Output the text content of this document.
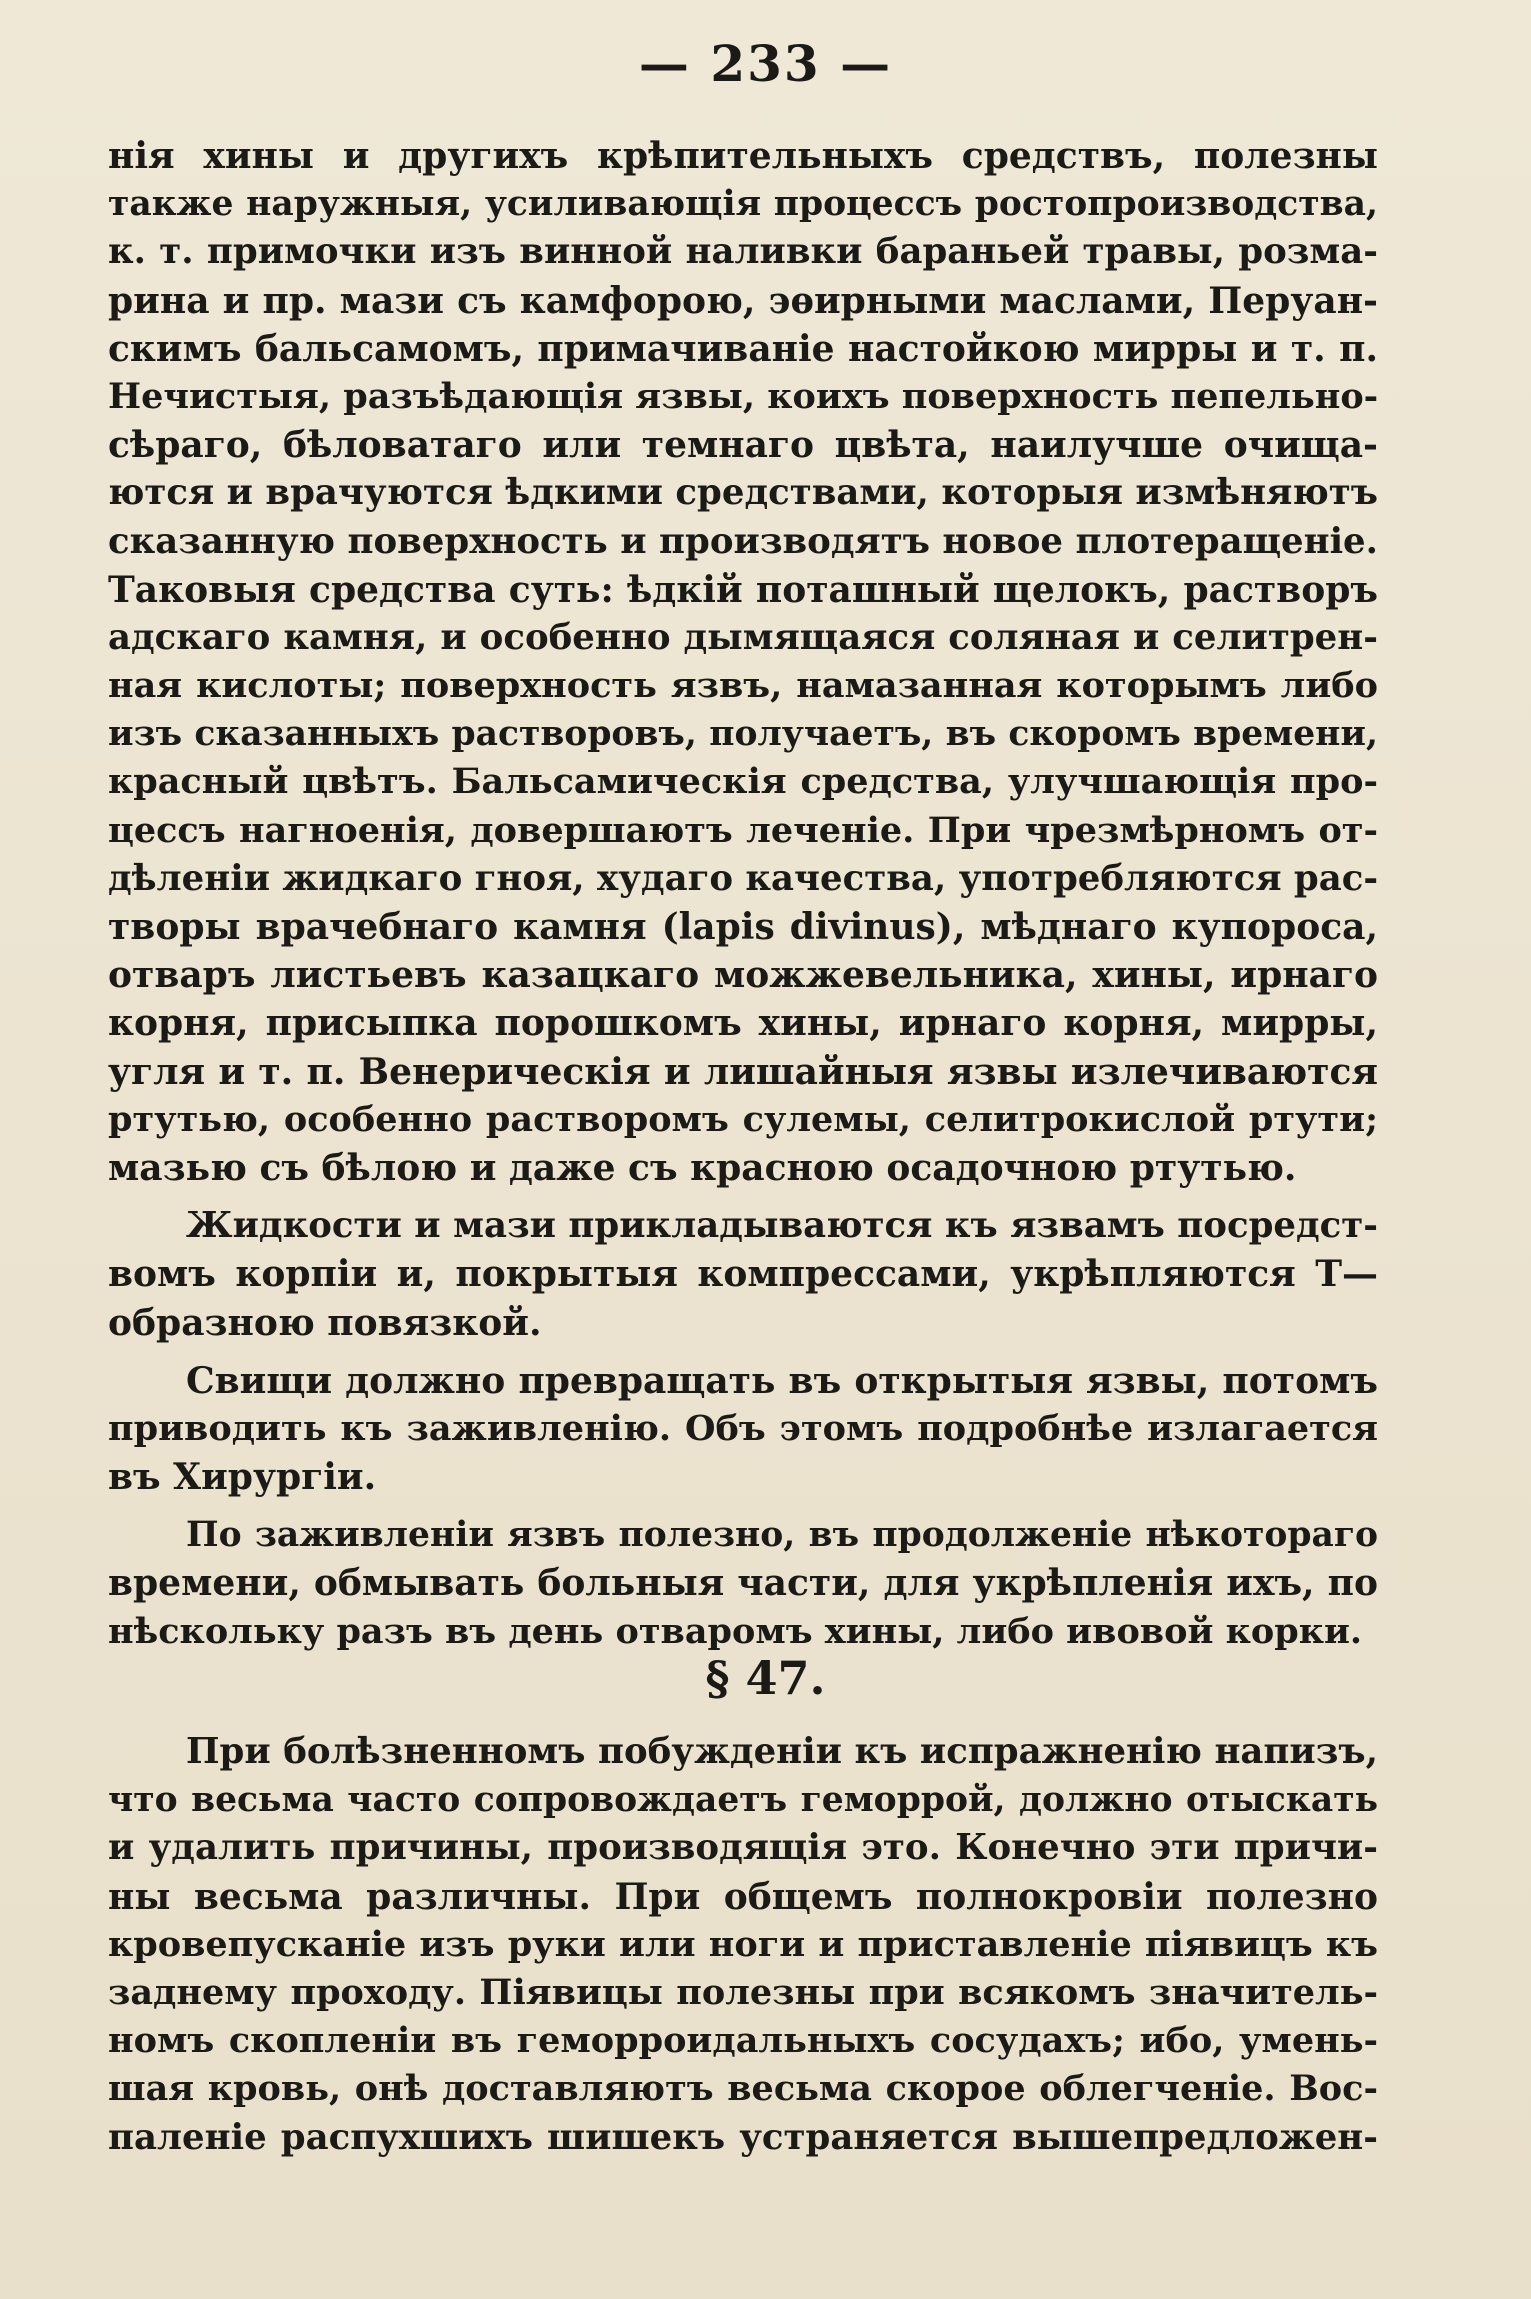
— 233 —
нія хины и другихъ крѣпительныхъ средствъ, полезны
также наружныя, усиливающія процессъ ростопроизводства,
к. т. примочки изъ винной наливки бараньей травы, розма-
рина и пр. мази съ камфорою, эѳирными маслами, Перуан-
скимъ бальсамомъ, примачиваніе настойкою мирры и т. п.
Нечистыя, разъѣдающія язвы, коихъ поверхность пепельно-
сѣраго, бѣловатаго или темнаго цвѣта, наилучше очища-
ются и врачуются ѣдкими средствами, которыя измѣняютъ
сказанную поверхность и производятъ новое плотеращеніе.
Таковыя средства суть: ѣдкій поташный щелокъ, растворъ
адскаго камня, и особенно дымящаяся соляная и селитрен-
ная кислоты; поверхность язвъ, намазанная которымъ либо
изъ сказанныхъ растворовъ, получаетъ, въ скоромъ времени,
красный цвѣтъ. Бальсамическія средства, улучшающія про-
цессъ нагноенія, довершаютъ леченіе. При чрезмѣрномъ от-
дѣленіи жидкаго гноя, худаго качества, употребляются рас-
творы врачебнаго камня (lapis divinus), мѣднаго купороса,
отваръ листьевъ казацкаго можжевельника, хины, ирнаго
корня, присыпка порошкомъ хины, ирнаго корня, мирры,
угля и т. п. Венерическія и лишайныя язвы излечиваются
ртутью, особенно растворомъ сулемы, селитрокислой ртути;
мазью съ бѣлою и даже съ красною осадочною ртутью.
Жидкости и мази прикладываются къ язвамъ посредст-
вомъ корпіи и, покрытыя компрессами, укрѣпляются Т—
образною повязкой.
Свищи должно превращать въ открытыя язвы, потомъ
приводить къ заживленію. Объ этомъ подробнѣе излагается
въ Хирургіи.
По заживленіи язвъ полезно, въ продолженіе нѣкотораго
времени, обмывать больныя части, для укрѣпленія ихъ, по
нѣскольку разъ въ день отваромъ хины, либо ивовой корки.
§ 47.
При болѣзненномъ побужденіи къ испражненію напизъ,
что весьма часто сопровождаетъ геморрой, должно отыскать
и удалить причины, производящія это. Конечно эти причи-
ны весьма различны. При общемъ полнокровіи полезно
кровепусканіе изъ руки или ноги и приставленіе піявицъ къ
заднему проходу. Піявицы полезны при всякомъ значитель-
номъ скопленіи въ геморроидальныхъ сосудахъ; ибо, умень-
шая кровь, онѣ доставляютъ весьма скорое облегченіе. Вос-
паленіе распухшихъ шишекъ устраняется вышепредложен-
